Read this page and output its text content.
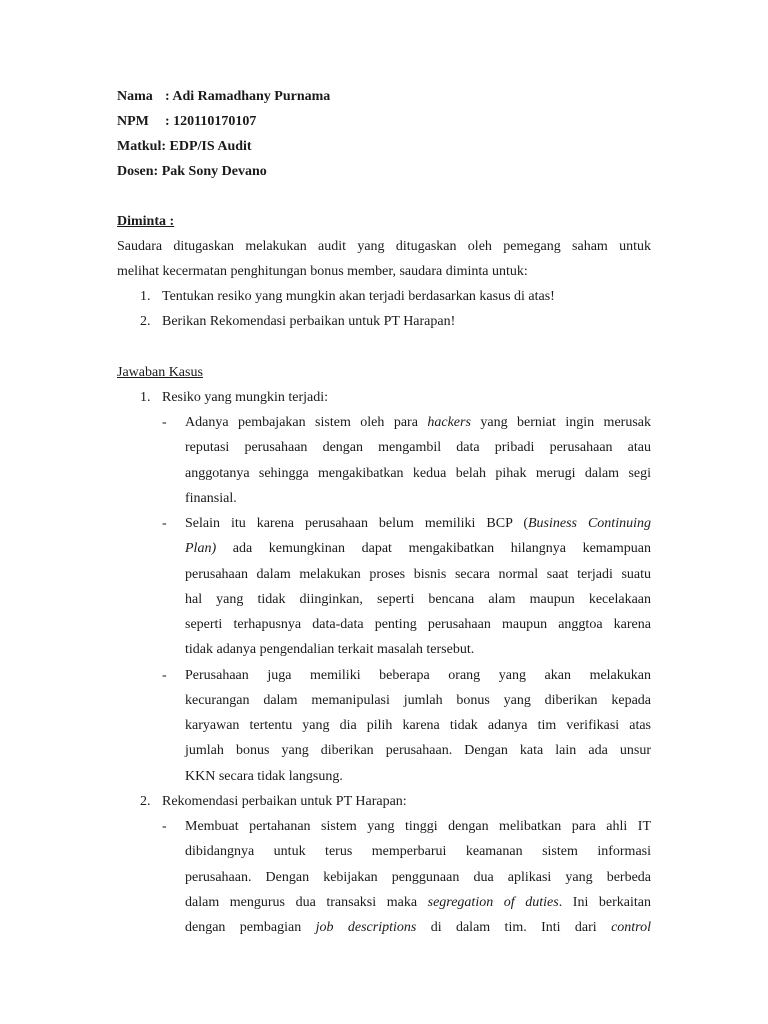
Nama : Adi Ramadhany Purnama
NPM : 120110170107
Matkul: EDP/IS Audit
Dosen: Pak Sony Devano
Diminta :
Saudara ditugaskan melakukan audit yang ditugaskan oleh pemegang saham untuk
melihat kecermatan penghitungan bonus member, saudara diminta untuk:
1. Tentukan resiko yang mungkin akan terjadi berdasarkan kasus di atas!
2. Berikan Rekomendasi perbaikan untuk PT Harapan!
Jawaban Kasus
1. Resiko yang mungkin terjadi:
- Adanya pembajakan sistem oleh para hackers yang berniat ingin merusak
reputasi perusahaan dengan mengambil data pribadi perusahaan atau
anggotanya sehingga mengakibatkan kedua belah pihak merugi dalam segi
finansial.
- Selain itu karena perusahaan belum memiliki BCP (Business Continuing
Plan) ada kemungkinan dapat mengakibatkan hilangnya kemampuan
perusahaan dalam melakukan proses bisnis secara normal saat terjadi suatu
hal yang tidak diinginkan, seperti bencana alam maupun kecelakaan
seperti terhapusnya data-data penting perusahaan maupun anggtoa karena
tidak adanya pengendalian terkait masalah tersebut.
- Perusahaan juga memiliki beberapa orang yang akan melakukan
kecurangan dalam memanipulasi jumlah bonus yang diberikan kepada
karyawan tertentu yang dia pilih karena tidak adanya tim verifikasi atas
jumlah bonus yang diberikan perusahaan. Dengan kata lain ada unsur
KKN secara tidak langsung.
2. Rekomendasi perbaikan untuk PT Harapan:
- Membuat pertahanan sistem yang tinggi dengan melibatkan para ahli IT
dibidangnya untuk terus memperbarui keamanan sistem informasi
perusahaan. Dengan kebijakan penggunaan dua aplikasi yang berbeda
dalam mengurus dua transaksi maka segregation of duties. Ini berkaitan
dengan pembagian job descriptions di dalam tim. Inti dari control
